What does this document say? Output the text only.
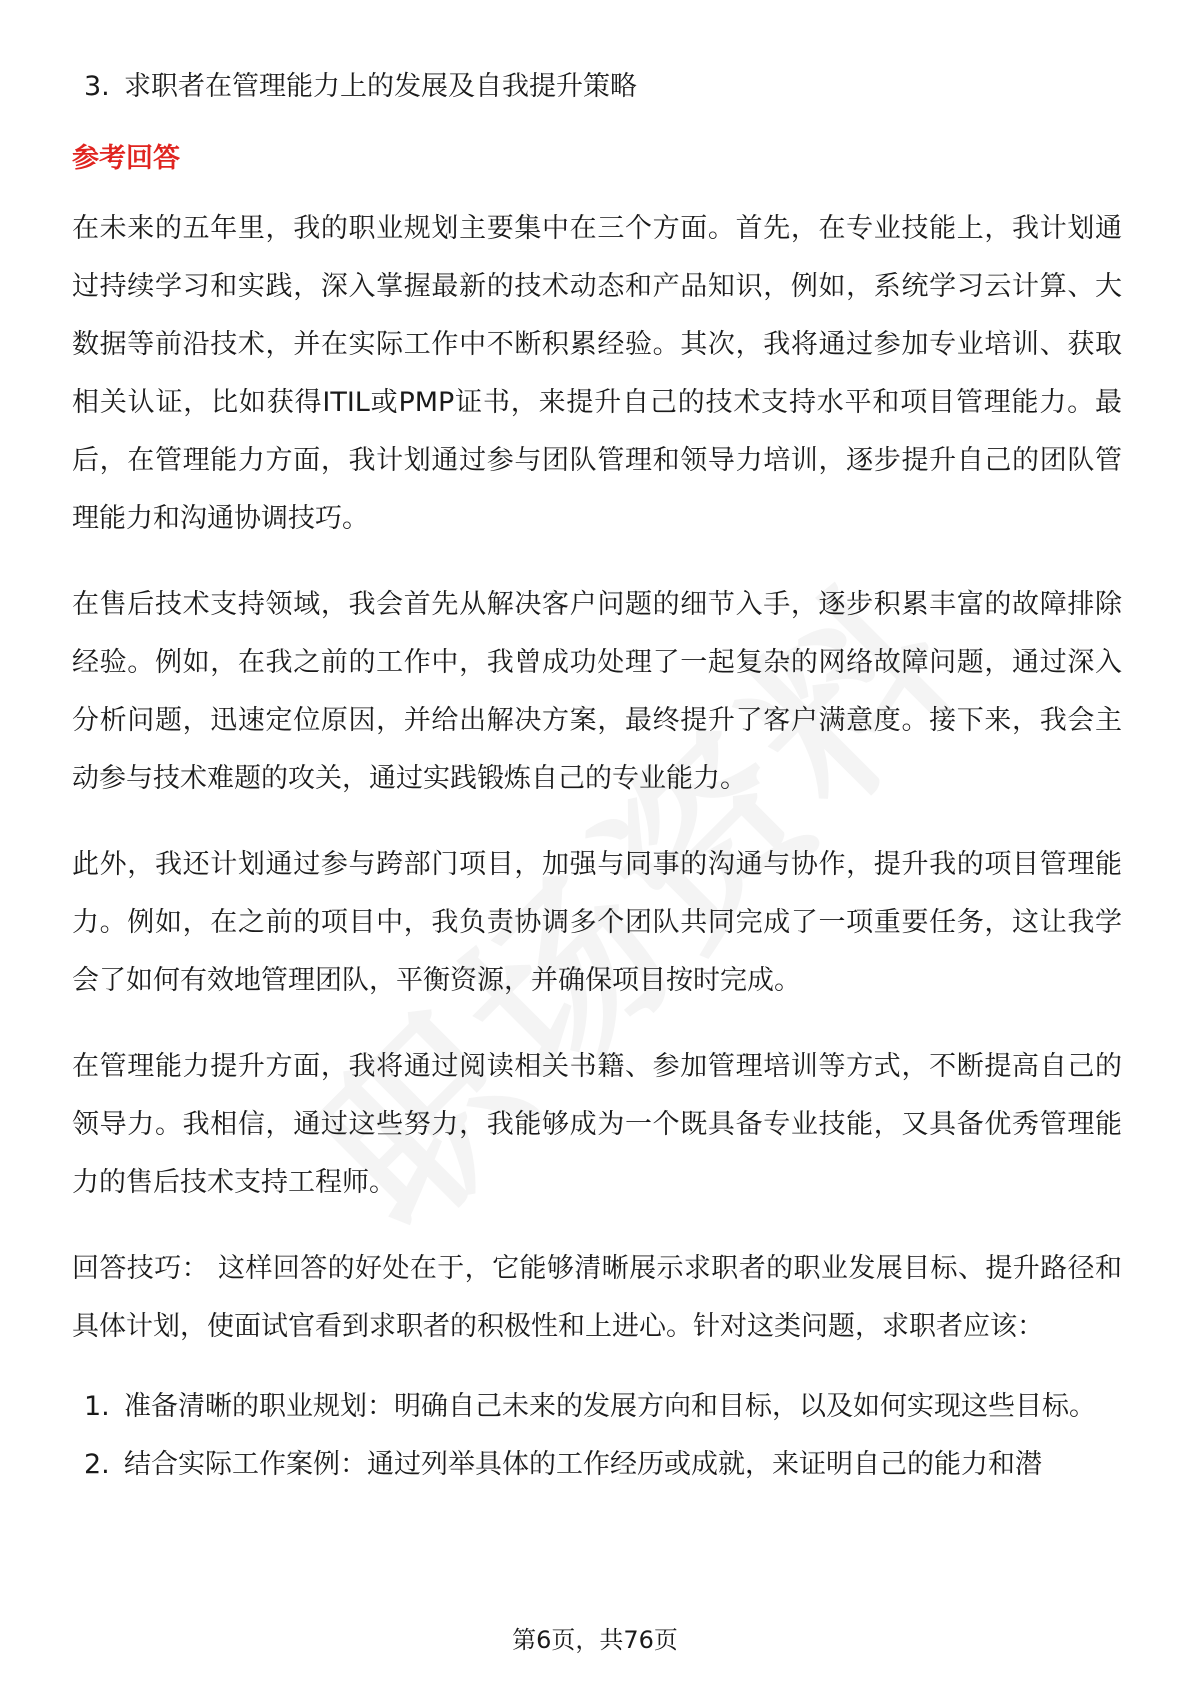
3. 求职者在管理能力上的发展及自我提升策略
参考回答

在未来的五年里，我的职业规划主要集中在三个方面。首先，在专业技能上，我计划通过持续学习和实践，深入掌握最新的技术动态和产品知识，例如，系统学习云计算、大数据等前沿技术，并在实际工作中不断积累经验。其次，我将通过参加专业培训、获取相关认证，比如获得ITIL或PMP证书，来提升自己的技术支持水平和项目管理能力。最后，在管理能力方面，我计划通过参与团队管理和领导力培训，逐步提升自己的团队管理能力和沟通协调技巧。

在售后技术支持领域，我会首先从解决客户问题的细节入手，逐步积累丰富的故障排除经验。例如，在我之前的工作中，我曾成功处理了一起复杂的网络故障问题，通过深入分析问题，迅速定位原因，并给出解决方案，最终提升了客户满意度。接下来，我会主动参与技术难题的攻关，通过实践锻炼自己的专业能力。

此外，我还计划通过参与跨部门项目，加强与同事的沟通与协作，提升我的项目管理能力。例如，在之前的项目中，我负责协调多个团队共同完成了一项重要任务，这让我学会了如何有效地管理团队，平衡资源，并确保项目按时完成。

在管理能力提升方面，我将通过阅读相关书籍、参加管理培训等方式，不断提高自己的领导力。我相信，通过这些努力，我能够成为一个既具备专业技能，又具备优秀管理能力的售后技术支持工程师。

回答技巧： 这样回答的好处在于，它能够清晰展示求职者的职业发展目标、提升路径和具体计划，使面试官看到求职者的积极性和上进心。针对这类问题，求职者应该：

1. 准备清晰的职业规划：明确自己未来的发展方向和目标，以及如何实现这些目标。
2. 结合实际工作案例：通过列举具体的工作经历或成就，来证明自己的能力和潜
第6页，共76页
